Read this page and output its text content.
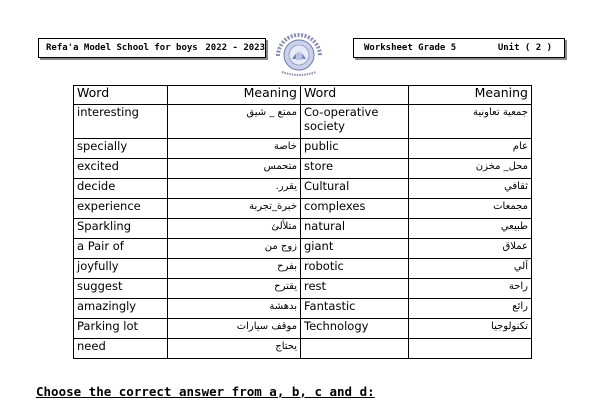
Refa'a Model School for boys 2022 - 2023	Worksheet Grade 5	Unit ( 2 )
Word	Meaning	Word	Meaning
interesting	ممتع _ شيق	Co-operative society	جمعية تعاونية
specially	خاصة	public	عام
excited	متحمس	store	محل_ مخزن
decide	يقرر.	Cultural	ثقافي
experience	خبرة_تجربة	complexes	مجمعات
Sparkling	متلألئ	natural	طبيعي
a Pair of	زوج من	giant	عملاق
joyfully	بفرح	robotic	آلي
suggest	يقترح	rest	راحة
amazingly	بدهشة	Fantastic	رائع
Parking lot	موقف سيارات	Technology	تكنولوجيا
need	يحتاج		

Choose the correct answer from a, b, c and d:
